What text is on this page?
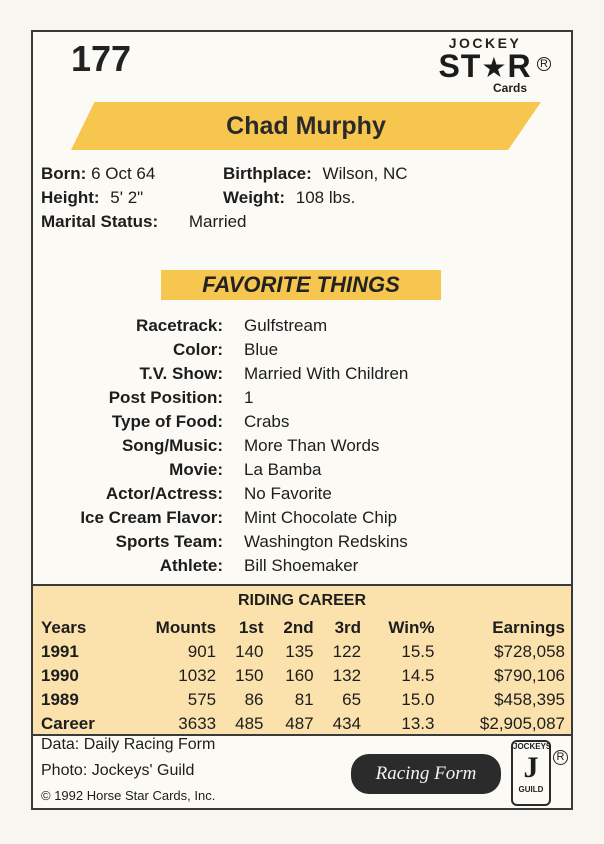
177	JOCKEY
ST★R
Cards
R
Chad Murphy
Born: 6 Oct 64	Birthplace: Wilson, NC
Height: 5' 2"	Weight: 108 lbs.
Marital Status: Married
FAVORITE THINGS
Racetrack: Gulfstream
Color: Blue
T.V. Show: Married With Children
Post Position: 1
Type of Food: Crabs
Song/Music: More Than Words
Movie: La Bamba
Actor/Actress: No Favorite
Ice Cream Flavor: Mint Chocolate Chip
Sports Team: Washington Redskins
Athlete: Bill Shoemaker
RIDING CAREER
Years	Mounts	1st	2nd	3rd	Win%	Earnings
1991	901	140	135	122	15.5	$728,058
1990	1032	150	160	132	14.5	$790,106
1989	575	86	81	65	15.0	$458,395
Career	3633	485	487	434	13.3	$2,905,087
Data: Daily Racing Form
Photo: Jockeys' Guild
© 1992 Horse Star Cards, Inc.
Racing Form
JOCKEYS
J
GUILD
R
